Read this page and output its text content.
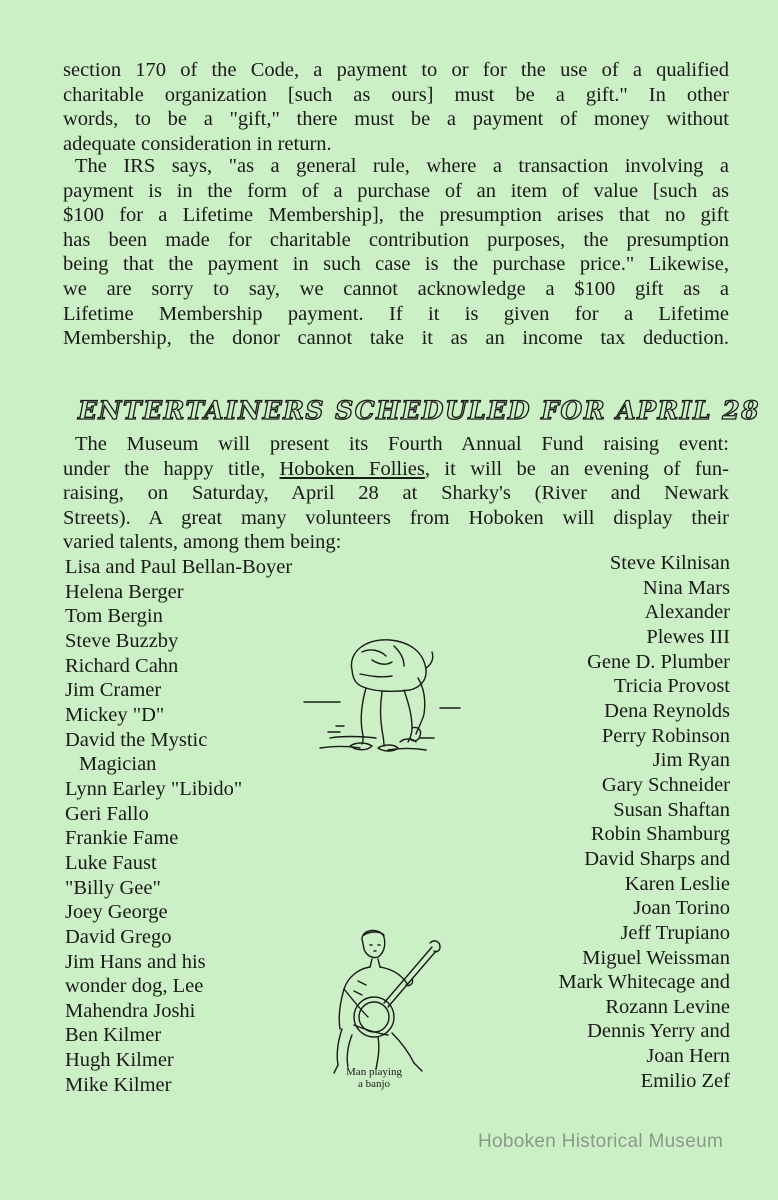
section 170 of the Code, a payment to or for the use of a qualified
charitable organization [such as ours] must be a gift." In other
words, to be a "gift," there must be a payment of money without
adequate consideration in return.

The IRS says, "as a general rule, where a transaction involving a
payment is in the form of a purchase of an item of value [such as
$100 for a Lifetime Membership], the presumption arises that no gift
has been made for charitable contribution purposes, the presumption
being that the payment in such case is the purchase price." Likewise,
we are sorry to say, we cannot acknowledge a $100 gift as a
Lifetime Membership payment. If it is given for a Lifetime
Membership, the donor cannot take it as an income tax deduction.

ENTERTAINERS SCHEDULED FOR APRIL 28

The Museum will present its Fourth Annual Fund raising event:
under the happy title, Hoboken Follies, it will be an evening of fun-
raising, on Saturday, April 28 at Sharky's (River and Newark
Streets). A great many volunteers from Hoboken will display their
varied talents, among them being:

Lisa and Paul Bellan-Boyer
Helena Berger
Tom Bergin
Steve Buzzby
Richard Cahn
Jim Cramer
Mickey "D"
David the Mystic
Magician
Lynn Earley "Libido"
Geri Fallo
Frankie Fame
Luke Faust
"Billy Gee"
Joey George
David Grego
Jim Hans and his
wonder dog, Lee
Mahendra Joshi
Ben Kilmer
Hugh Kilmer
Mike Kilmer
Steve Kilnisan
Nina Mars
Alexander
Plewes III
Gene D. Plumber
Tricia Provost
Dena Reynolds
Perry Robinson
Jim Ryan
Gary Schneider
Susan Shaftan
Robin Shamburg
David Sharps and
Karen Leslie
Joan Torino
Jeff Trupiano
Miguel Weissman
Mark Whitecage and
Rozann Levine
Dennis Yerry and
Joan Hern
Emilio Zef
Man playing
a banjo
Hoboken Historical Museum
